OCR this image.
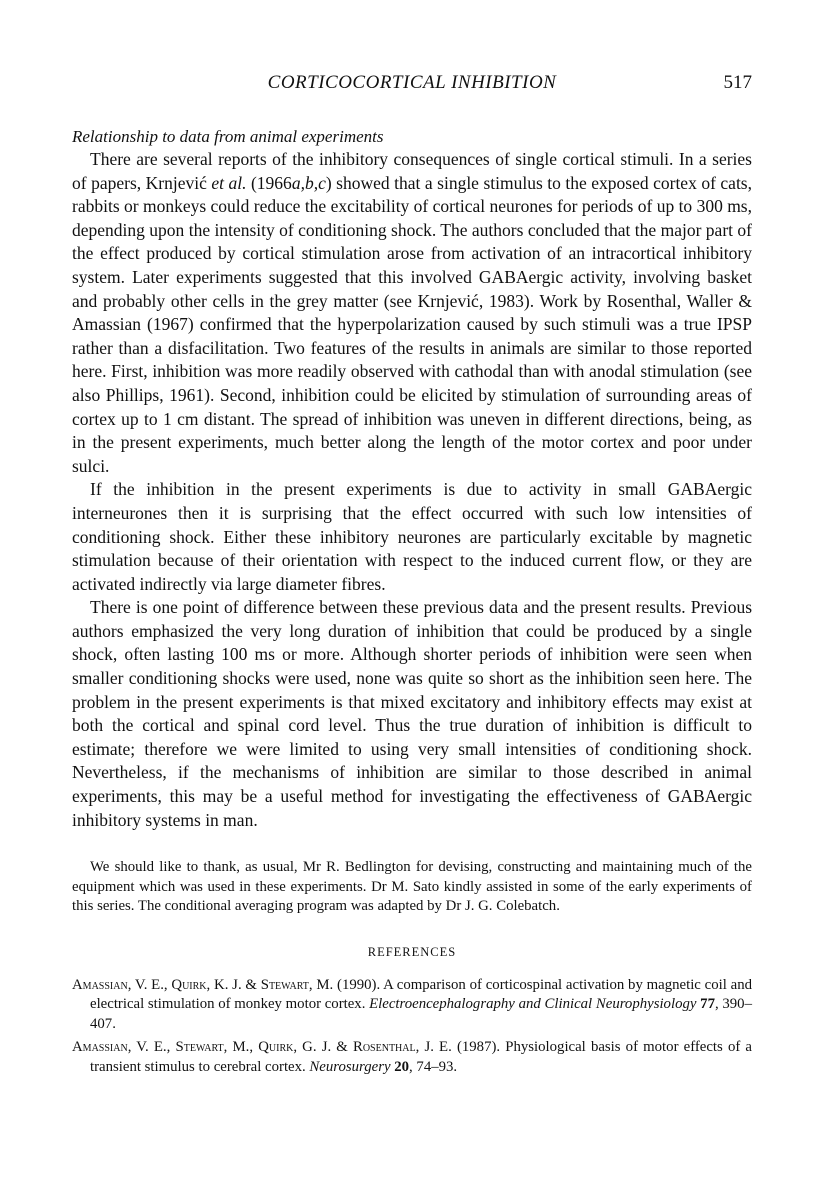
CORTICOCORTICAL INHIBITION	517
Relationship to data from animal experiments

There are several reports of the inhibitory consequences of single cortical stimuli. In a series of papers, Krnjević et al. (1966a,b,c) showed that a single stimulus to the exposed cortex of cats, rabbits or monkeys could reduce the excitability of cortical neurones for periods of up to 300 ms, depending upon the intensity of conditioning shock. The authors concluded that the major part of the effect produced by cortical stimulation arose from activation of an intracortical inhibitory system. Later experiments suggested that this involved GABAergic activity, involving basket and probably other cells in the grey matter (see Krnjević, 1983). Work by Rosenthal, Waller & Amassian (1967) confirmed that the hyperpolarization caused by such stimuli was a true IPSP rather than a disfacilitation. Two features of the results in animals are similar to those reported here. First, inhibition was more readily observed with cathodal than with anodal stimulation (see also Phillips, 1961). Second, inhibition could be elicited by stimulation of surrounding areas of cortex up to 1 cm distant. The spread of inhibition was uneven in different directions, being, as in the present experiments, much better along the length of the motor cortex and poor under sulci.

If the inhibition in the present experiments is due to activity in small GABAergic interneurones then it is surprising that the effect occurred with such low intensities of conditioning shock. Either these inhibitory neurones are particularly excitable by magnetic stimulation because of their orientation with respect to the induced current flow, or they are activated indirectly via large diameter fibres.

There is one point of difference between these previous data and the present results. Previous authors emphasized the very long duration of inhibition that could be produced by a single shock, often lasting 100 ms or more. Although shorter periods of inhibition were seen when smaller conditioning shocks were used, none was quite so short as the inhibition seen here. The problem in the present experiments is that mixed excitatory and inhibitory effects may exist at both the cortical and spinal cord level. Thus the true duration of inhibition is difficult to estimate; therefore we were limited to using very small intensities of conditioning shock. Nevertheless, if the mechanisms of inhibition are similar to those described in animal experiments, this may be a useful method for investigating the effectiveness of GABAergic inhibitory systems in man.

We should like to thank, as usual, Mr R. Bedlington for devising, constructing and maintaining much of the equipment which was used in these experiments. Dr M. Sato kindly assisted in some of the early experiments of this series. The conditional averaging program was adapted by Dr J. G. Colebatch.
REFERENCES
Amassian, V. E., Quirk, K. J. & Stewart, M. (1990). A comparison of corticospinal activation by magnetic coil and electrical stimulation of monkey motor cortex. Electroencephalography and Clinical Neurophysiology 77, 390–407.
Amassian, V. E., Stewart, M., Quirk, G. J. & Rosenthal, J. E. (1987). Physiological basis of motor effects of a transient stimulus to cerebral cortex. Neurosurgery 20, 74–93.
